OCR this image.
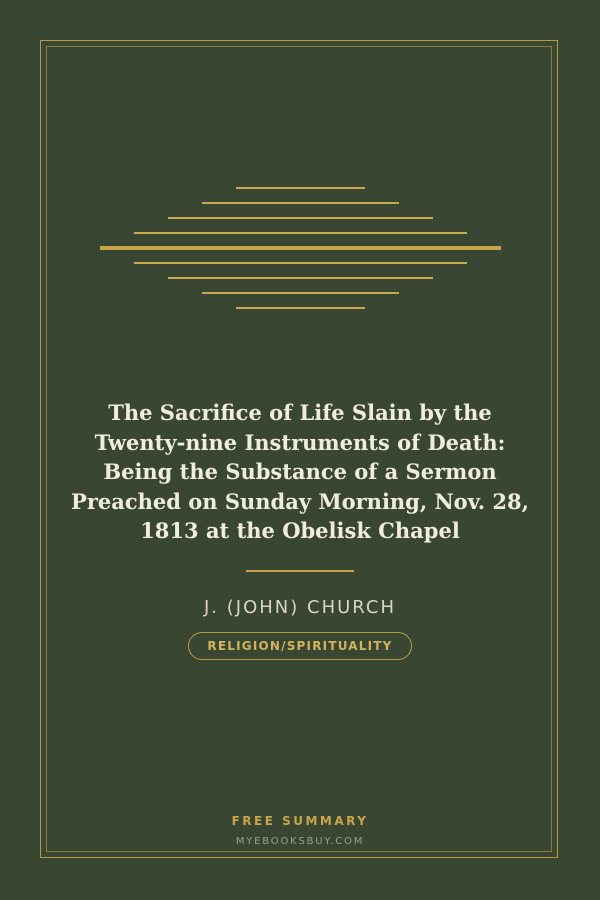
The Sacrifice of Life Slain by the Twenty-nine Instruments of Death: Being the Substance of a Sermon Preached on Sunday Morning, Nov. 28, 1813 at the Obelisk Chapel
J. (JOHN) CHURCH
RELIGION/SPIRITUALITY
FREE SUMMARY
MYEBOOKSBUY.COM
